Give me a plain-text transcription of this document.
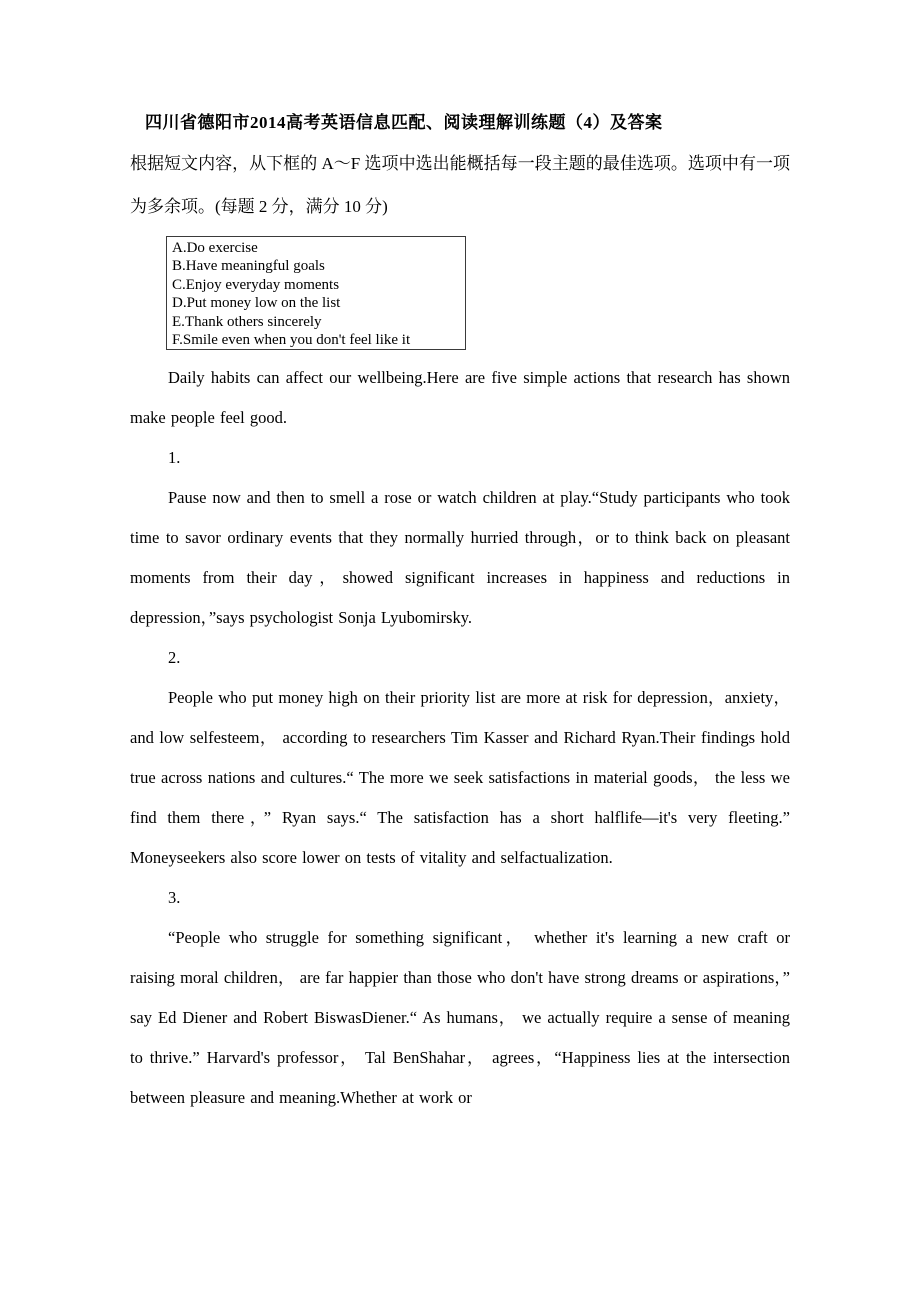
四川省德阳市2014高考英语信息匹配、阅读理解训练题（4）及答案

根据短文内容，从下框的 A～F 选项中选出能概括每一段主题的最佳选项。选项中有一项为多余项。(每题 2 分，满分 10 分)

A.Do exercise
B.Have meaningful goals
C.Enjoy everyday moments
D.Put money low on the list
E.Thank others sincerely
F.Smile even when you don't feel like it

Daily habits can affect our wellbeing.Here are five simple actions that research has shown make people feel good.

1.

Pause now and then to smell a rose or watch children at play.“Study participants who took time to savor ordinary events that they normally hurried through，or to think back on pleasant moments from their day，showed significant increases in happiness and reductions in depression，”says psychologist Sonja Lyubomirsky.

2.

People who put money high on their priority list are more at risk for depression，anxiety， and low selfesteem， according to researchers Tim Kasser and Richard Ryan.Their findings hold true across nations and cultures.“ The more we seek satisfactions in material goods， the less we find them there，” Ryan says.“ The satisfaction has a short halflife—it's very fleeting.” Moneyseekers also score lower on tests of vitality and selfactualization.

3.

“People who struggle for something significant， whether it's learning a new craft or raising moral children， are far happier than those who don't have strong dreams or aspirations，” say Ed Diener and Robert BiswasDiener.“ As humans， we actually require a sense of meaning to thrive.” Harvard's professor， Tal BenShahar， agrees，“Happiness lies at the intersection between pleasure and meaning.Whether at work or
